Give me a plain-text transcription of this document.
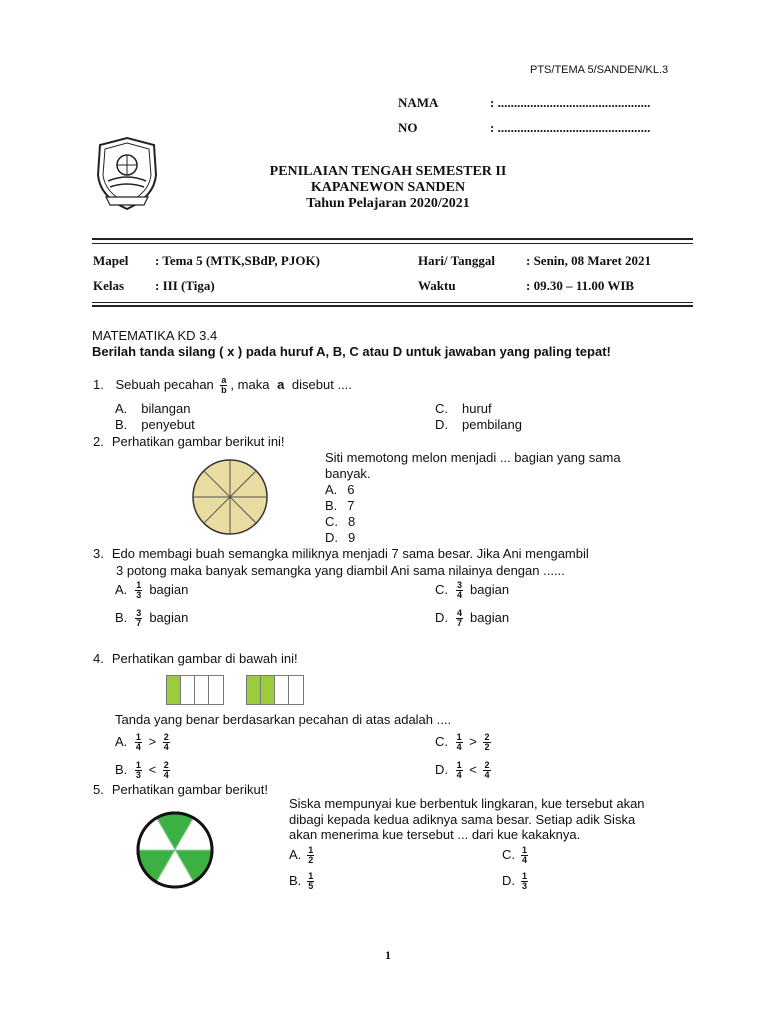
PTS/TEMA 5/SANDEN/KL.3
NAMA	: ...............................................
NO	: ...............................................
PENILAIAN TENGAH SEMESTER II
KAPANEWON SANDEN
Tahun Pelajaran 2020/2021
Mapel : Tema 5 (MTK,SBdP, PJOK)	Hari/ Tanggal : Senin, 08 Maret 2021
Kelas : III (Tiga)	Waktu	: 09.30 – 11.00 WIB
MATEMATIKA KD 3.4
Berilah tanda silang ( x ) pada huruf A, B, C atau D untuk jawaban yang paling tepat!
1. Sebuah pecahan $\frac{a}{b}$ , maka a disebut ....
A. bilangan
B. penyebut
C. huruf
D. pembilang
2. Perhatikan gambar berikut ini!
Siti memotong melon menjadi ... bagian yang sama
banyak.
A. 6
B. 7
C. 8
D. 9
3. Edo membagi buah semangka miliknya menjadi 7 sama besar. Jika Ani mengambil
3 potong maka banyak semangka yang diambil Ani sama nilainya dengan ......
A. $\frac{1}{3}$ bagian
B. $\frac{3}{7}$ bagian
C. $\frac{3}{4}$ bagian
D. $\frac{4}{7}$ bagian
4. Perhatikan gambar di bawah ini!
Tanda yang benar berdasarkan pecahan di atas adalah ....
A. $\frac{1}{4} > \frac{2}{4}$
B. $\frac{1}{3} < \frac{2}{4}$
C. $\frac{1}{4} > \frac{2}{2}$
D. $\frac{1}{4} < \frac{2}{4}$
5. Perhatikan gambar berikut!
Siska mempunyai kue berbentuk lingkaran, kue tersebut akan
dibagi kepada kedua adiknya sama besar. Setiap adik Siska
akan menerima kue tersebut ... dari kue kakaknya.
A. $\frac{1}{2}$
B. $\frac{1}{5}$
C. $\frac{1}{4}$
D. $\frac{1}{3}$
1
